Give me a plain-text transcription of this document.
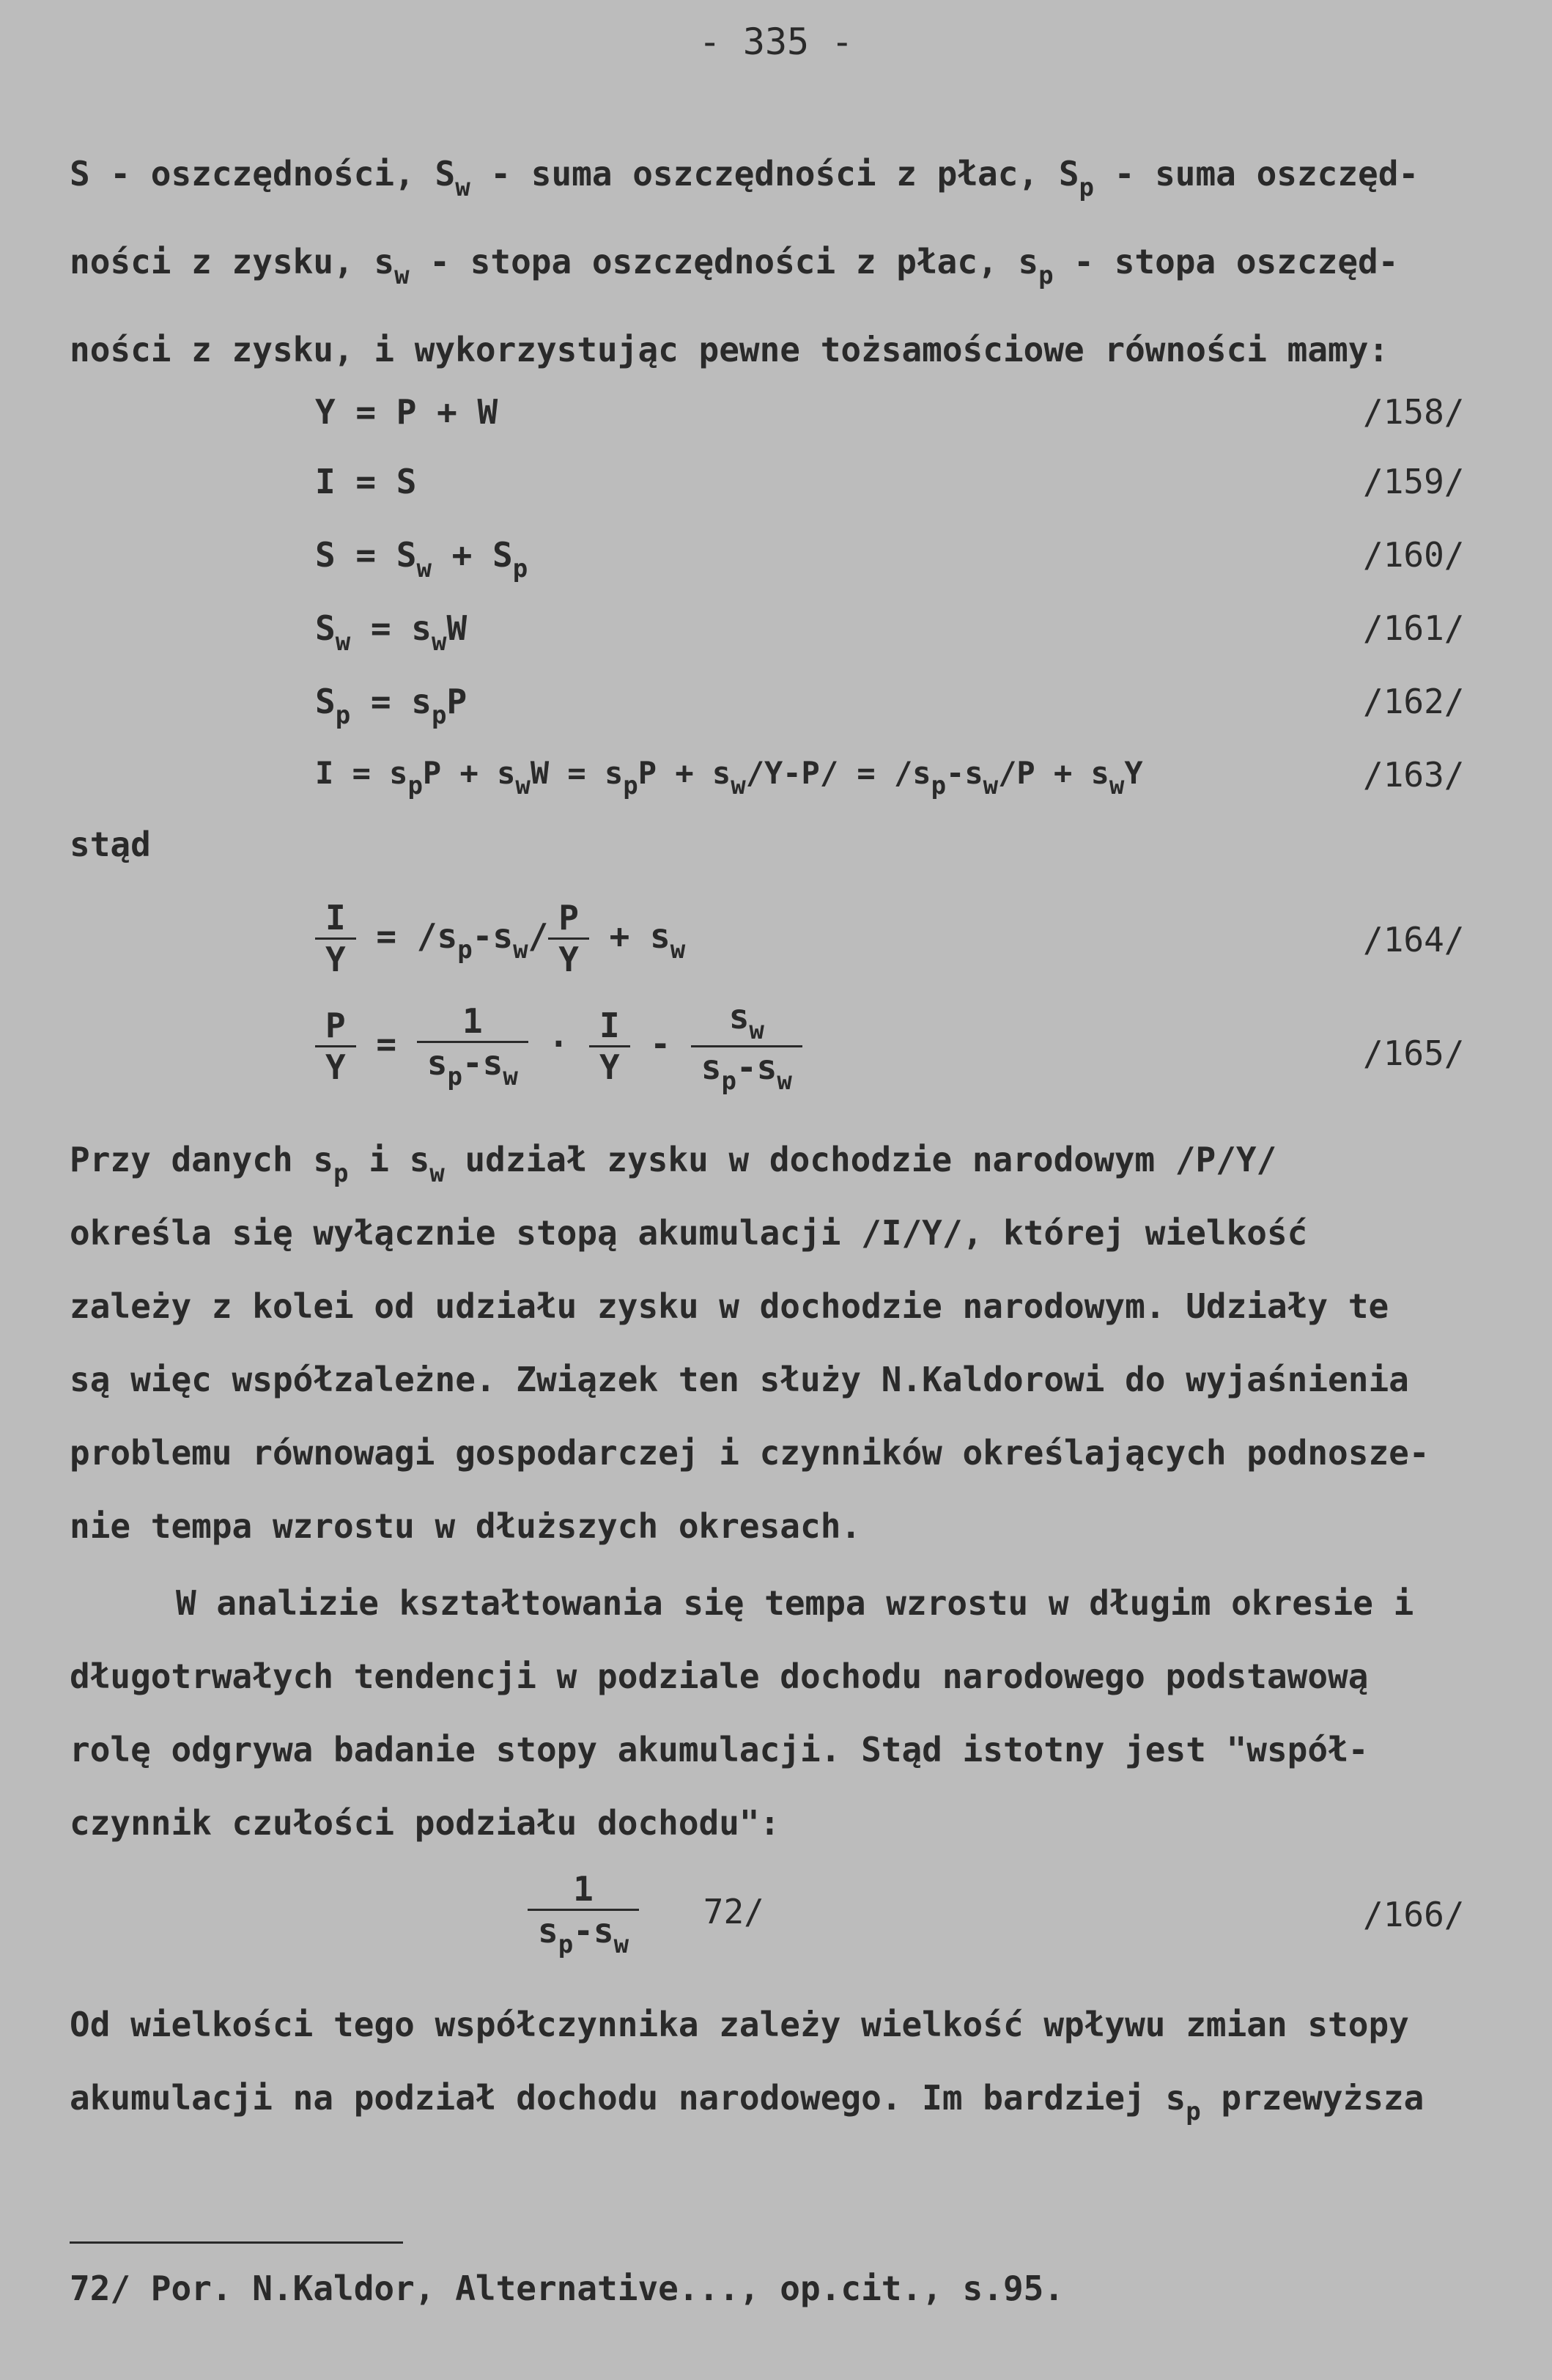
- 335 -
S - oszczędności, $S_w$ - suma oszczędności z płac, $S_p$ - suma oszczęd-
ności z zysku, $s_w$ - stopa oszczędności z płac, $s_p$ - stopa oszczęd-
ności z zysku, i wykorzystując pewne tożsamościowe równości mamy:
Y = P + W	/158/
I = S	/159/
$S = S_w + S_p$	/160/
$S_w = s_wW$	/161/
$S_p = s_pP$	/162/
$I = s_pP + s_wW = s_pP + s_w/Y-P/ = /s_p-s_w/P + s_wY$	/163/
stąd
$\frac{I}{Y} = /s_p-s_w/ \frac{P}{Y} + s_w$	/164/
$\frac{P}{Y} = \frac{1}{s_p-s_w} \cdot \frac{I}{Y} - \frac{s_w}{s_p-s_w}$	/165/
Przy danych $s_p$ i $s_w$ udział zysku w dochodzie narodowym /P/Y/
określa się wyłącznie stopą akumulacji /I/Y/, której wielkość
zależy z kolei od udziału zysku w dochodzie narodowym. Udziały te
są więc współzależne. Związek ten służy N.Kaldorowi do wyjaśnienia
problemu równowagi gospodarczej i czynników określających podnosze-
nie tempa wzrostu w dłuższych okresach.
W analizie kształtowania się tempa wzrostu w długim okresie i
długotrwałych tendencji w podziale dochodu narodowego podstawową
rolę odgrywa badanie stopy akumulacji. Stąd istotny jest "współ-
czynnik czułości podziału dochodu":
$\frac{1}{s_p-s_w} 72/$	/166/
Od wielkości tego współczynnika zależy wielkość wpływu zmian stopy
akumulacji na podział dochodu narodowego. Im bardziej $s_p$ przewyższa
72/ Por. N.Kaldor, Alternative..., op.cit., s.95.
